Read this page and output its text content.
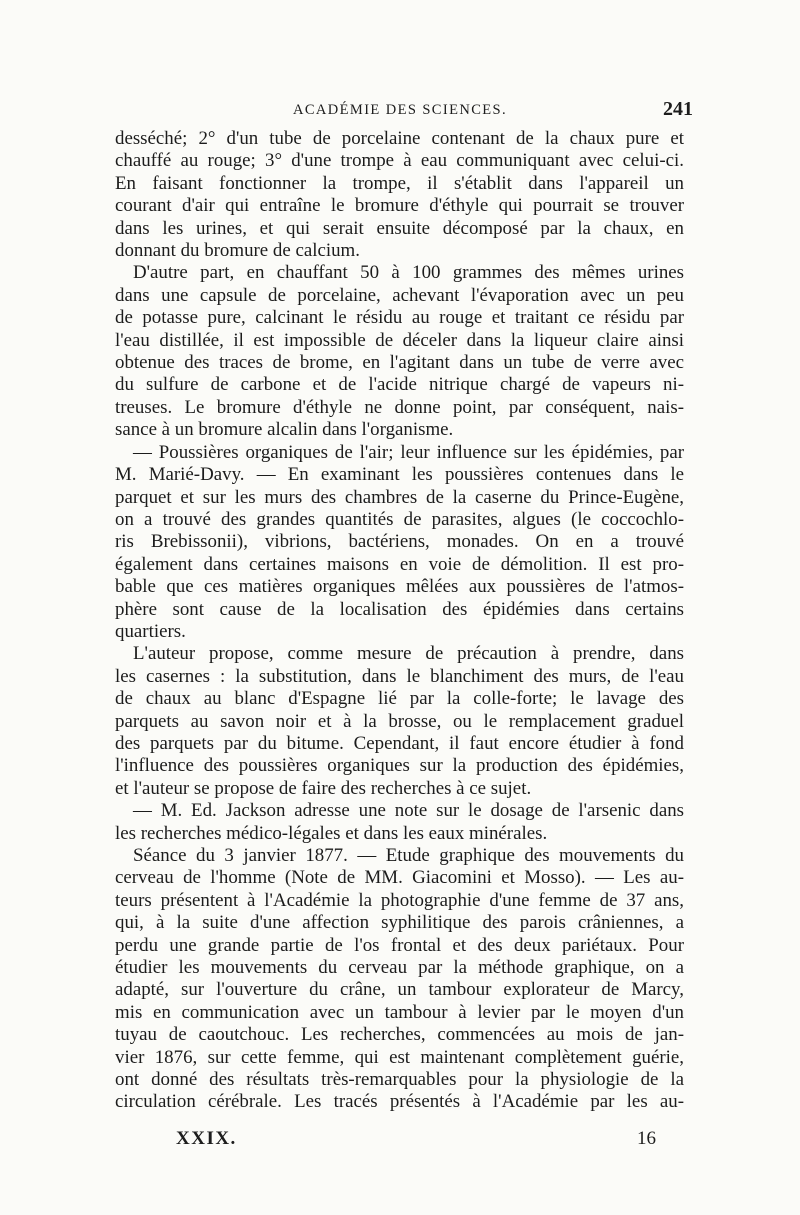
ACADÉMIE DES SCIENCES.	241
desséché; 2° d'un tube de porcelaine contenant de la chaux pure et
chauffé au rouge; 3° d'une trompe à eau communiquant avec celui-ci.
En faisant fonctionner la trompe, il s'établit dans l'appareil un
courant d'air qui entraîne le bromure d'éthyle qui pourrait se trouver
dans les urines, et qui serait ensuite décomposé par la chaux, en
donnant du bromure de calcium.
D'autre part, en chauffant 50 à 100 grammes des mêmes urines
dans une capsule de porcelaine, achevant l'évaporation avec un peu
de potasse pure, calcinant le résidu au rouge et traitant ce résidu par
l'eau distillée, il est impossible de déceler dans la liqueur claire ainsi
obtenue des traces de brome, en l'agitant dans un tube de verre avec
du sulfure de carbone et de l'acide nitrique chargé de vapeurs ni-
treuses. Le bromure d'éthyle ne donne point, par conséquent, nais-
sance à un bromure alcalin dans l'organisme.
— Poussières organiques de l'air; leur influence sur les épidémies, par
M. Marié-Davy. — En examinant les poussières contenues dans le
parquet et sur les murs des chambres de la caserne du Prince-Eugène,
on a trouvé des grandes quantités de parasites, algues (le coccochlo-
ris Brebissonii), vibrions, bactériens, monades. On en a trouvé
également dans certaines maisons en voie de démolition. Il est pro-
bable que ces matières organiques mêlées aux poussières de l'atmos-
phère sont cause de la localisation des épidémies dans certains
quartiers.
L'auteur propose, comme mesure de précaution à prendre, dans
les casernes : la substitution, dans le blanchiment des murs, de l'eau
de chaux au blanc d'Espagne lié par la colle-forte; le lavage des
parquets au savon noir et à la brosse, ou le remplacement graduel
des parquets par du bitume. Cependant, il faut encore étudier à fond
l'influence des poussières organiques sur la production des épidémies,
et l'auteur se propose de faire des recherches à ce sujet.
— M. Ed. Jackson adresse une note sur le dosage de l'arsenic dans
les recherches médico-légales et dans les eaux minérales.
Séance du 3 janvier 1877. — Etude graphique des mouvements du
cerveau de l'homme (Note de MM. Giacomini et Mosso). — Les au-
teurs présentent à l'Académie la photographie d'une femme de 37 ans,
qui, à la suite d'une affection syphilitique des parois crâniennes, a
perdu une grande partie de l'os frontal et des deux pariétaux. Pour
étudier les mouvements du cerveau par la méthode graphique, on a
adapté, sur l'ouverture du crâne, un tambour explorateur de Marcy,
mis en communication avec un tambour à levier par le moyen d'un
tuyau de caoutchouc. Les recherches, commencées au mois de jan-
vier 1876, sur cette femme, qui est maintenant complètement guérie,
ont donné des résultats très-remarquables pour la physiologie de la
circulation cérébrale. Les tracés présentés à l'Académie par les au-
XXIX.	16
